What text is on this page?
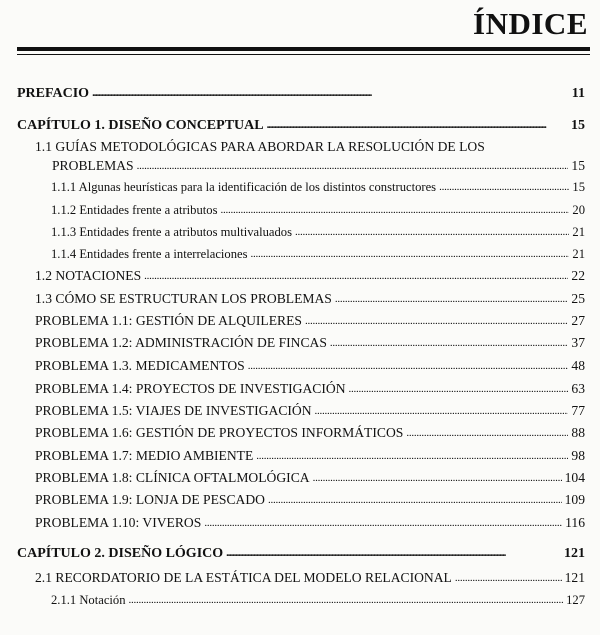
ÍNDICE
PREFACIO . . .	11
CAPÍTULO 1. DISEÑO CONCEPTUAL . . .	15
1.1 GUÍAS METODOLÓGICAS PARA ABORDAR LA RESOLUCIÓN DE LOS
PROBLEMAS . . .	15
1.1.1 Algunas heurísticas para la identificación de los distintos constructores . . .	15
1.1.2 Entidades frente a atributos . . .	20
1.1.3 Entidades frente a atributos multivaluados . . .	21
1.1.4 Entidades frente a interrelaciones . . .	21
1.2 NOTACIONES . . .	22
1.3 CÓMO SE ESTRUCTURAN LOS PROBLEMAS . . .	25
PROBLEMA 1.1: GESTIÓN DE ALQUILERES . . .	27
PROBLEMA 1.2: ADMINISTRACIÓN DE FINCAS . . .	37
PROBLEMA 1.3. MEDICAMENTOS . . .	48
PROBLEMA 1.4: PROYECTOS DE INVESTIGACIÓN . . .	63
PROBLEMA 1.5: VIAJES DE INVESTIGACIÓN . . .	77
PROBLEMA 1.6: GESTIÓN DE PROYECTOS INFORMÁTICOS . . .	88
PROBLEMA 1.7: MEDIO AMBIENTE . . .	98
PROBLEMA 1.8: CLÍNICA OFTALMOLÓGICA . . .	104
PROBLEMA 1.9: LONJA DE PESCADO . . .	109
PROBLEMA 1.10: VIVEROS . . .	116
CAPÍTULO 2. DISEÑO LÓGICO . . .	121
2.1 RECORDATORIO DE LA ESTÁTICA DEL MODELO RELACIONAL . . .	121
2.1.1 Notación . . .	127
